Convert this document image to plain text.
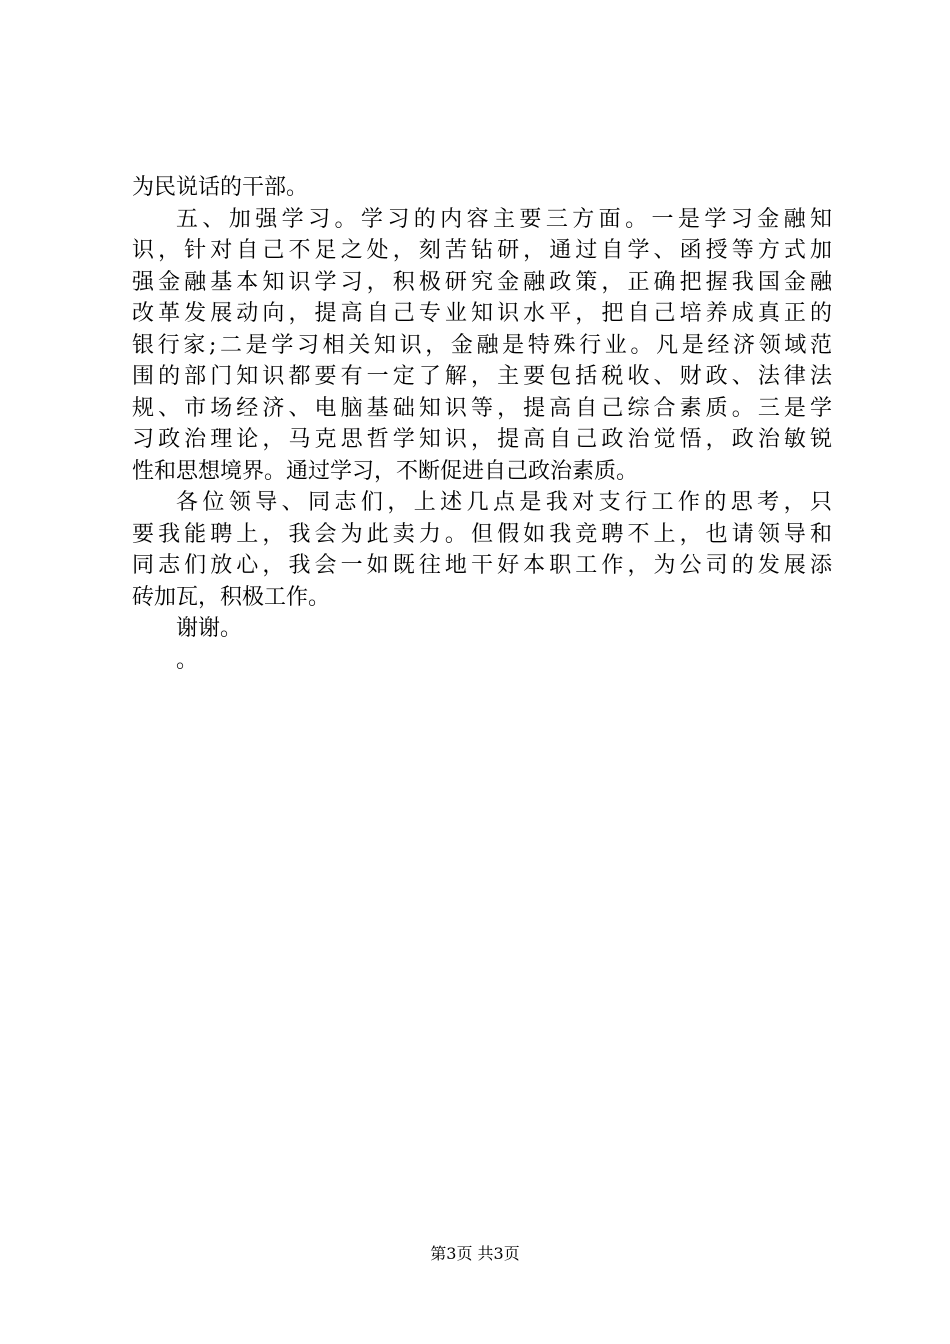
为民说话的干部。
五、加强学习。学习的内容主要三方面。一是学习金融知
识，针对自己不足之处，刻苦钻研，通过自学、函授等方式加
强金融基本知识学习，积极研究金融政策，正确把握我国金融
改革发展动向，提高自己专业知识水平，把自己培养成真正的
银行家;二是学习相关知识，金融是特殊行业。凡是经济领域范
围的部门知识都要有一定了解，主要包括税收、财政、法律法
规、市场经济、电脑基础知识等，提高自己综合素质。三是学
习政治理论，马克思哲学知识，提高自己政治觉悟，政治敏锐
性和思想境界。通过学习，不断促进自己政治素质。
各位领导、同志们，上述几点是我对支行工作的思考，只
要我能聘上，我会为此卖力。但假如我竞聘不上，也请领导和
同志们放心，我会一如既往地干好本职工作，为公司的发展添
砖加瓦，积极工作。
谢谢。
。
第3页 共3页
